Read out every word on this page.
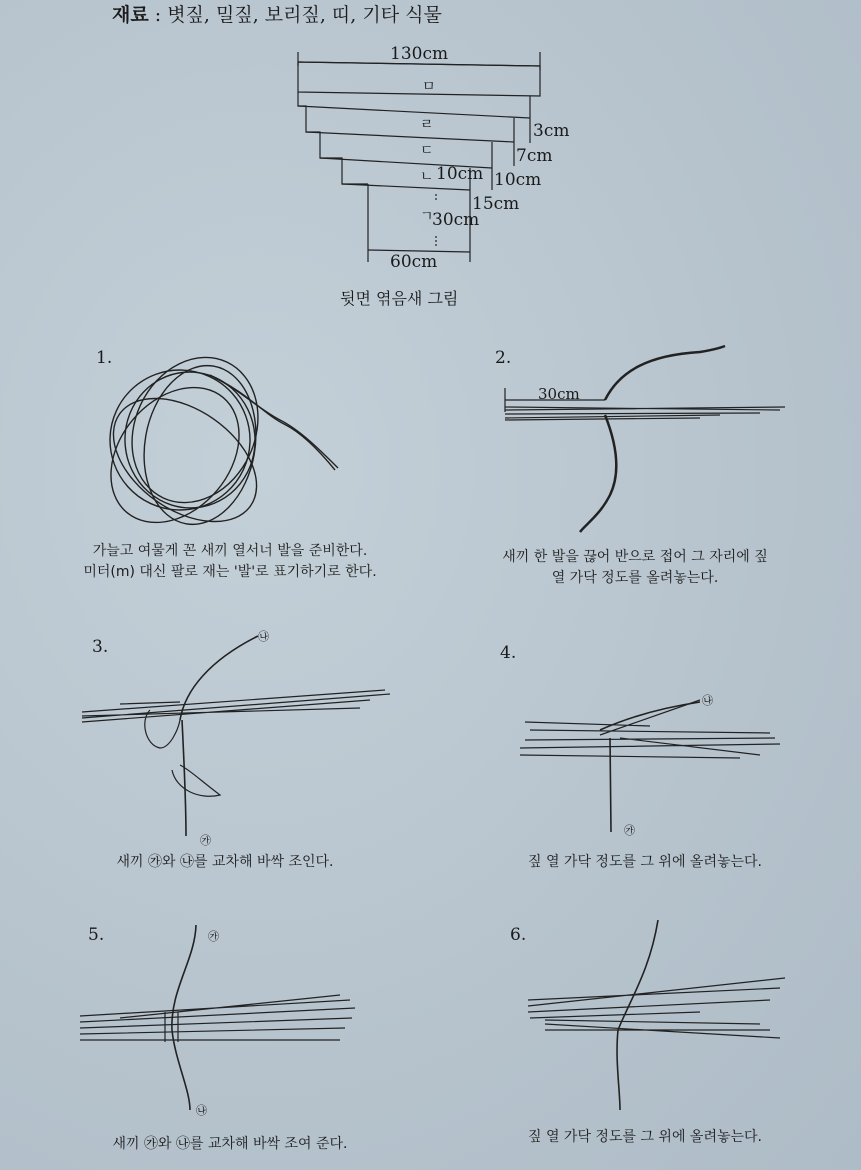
재료 : 볏짚, 밀짚, 보리짚, 띠, 기타 식물
130cm
ㅁ
ㄹ
ㄷ
ㄴ
ㄱ
3cm
7cm
10cm
15cm
10cm
30cm
60cm
뒷면 엮음새 그림
1.	2.
3.	4.
5.	6.
30cm
㉯
㉮
㉯
㉮
㉮
㉯
가늘고 여물게 꼰 새끼 열서너 발을 준비한다.
미터(m) 대신 팔로 재는 '발'로 표기하기로 한다.
새끼 한 발을 끊어 반으로 접어 그 자리에 짚
열 가닥 정도를 올려놓는다.
새끼 ㉮와 ㉯를 교차해 바싹 조인다.	짚 열 가닥 정도를 그 위에 올려놓는다.
새끼 ㉮와 ㉯를 교차해 바싹 조여 준다.	짚 열 가닥 정도를 그 위에 올려놓는다.
